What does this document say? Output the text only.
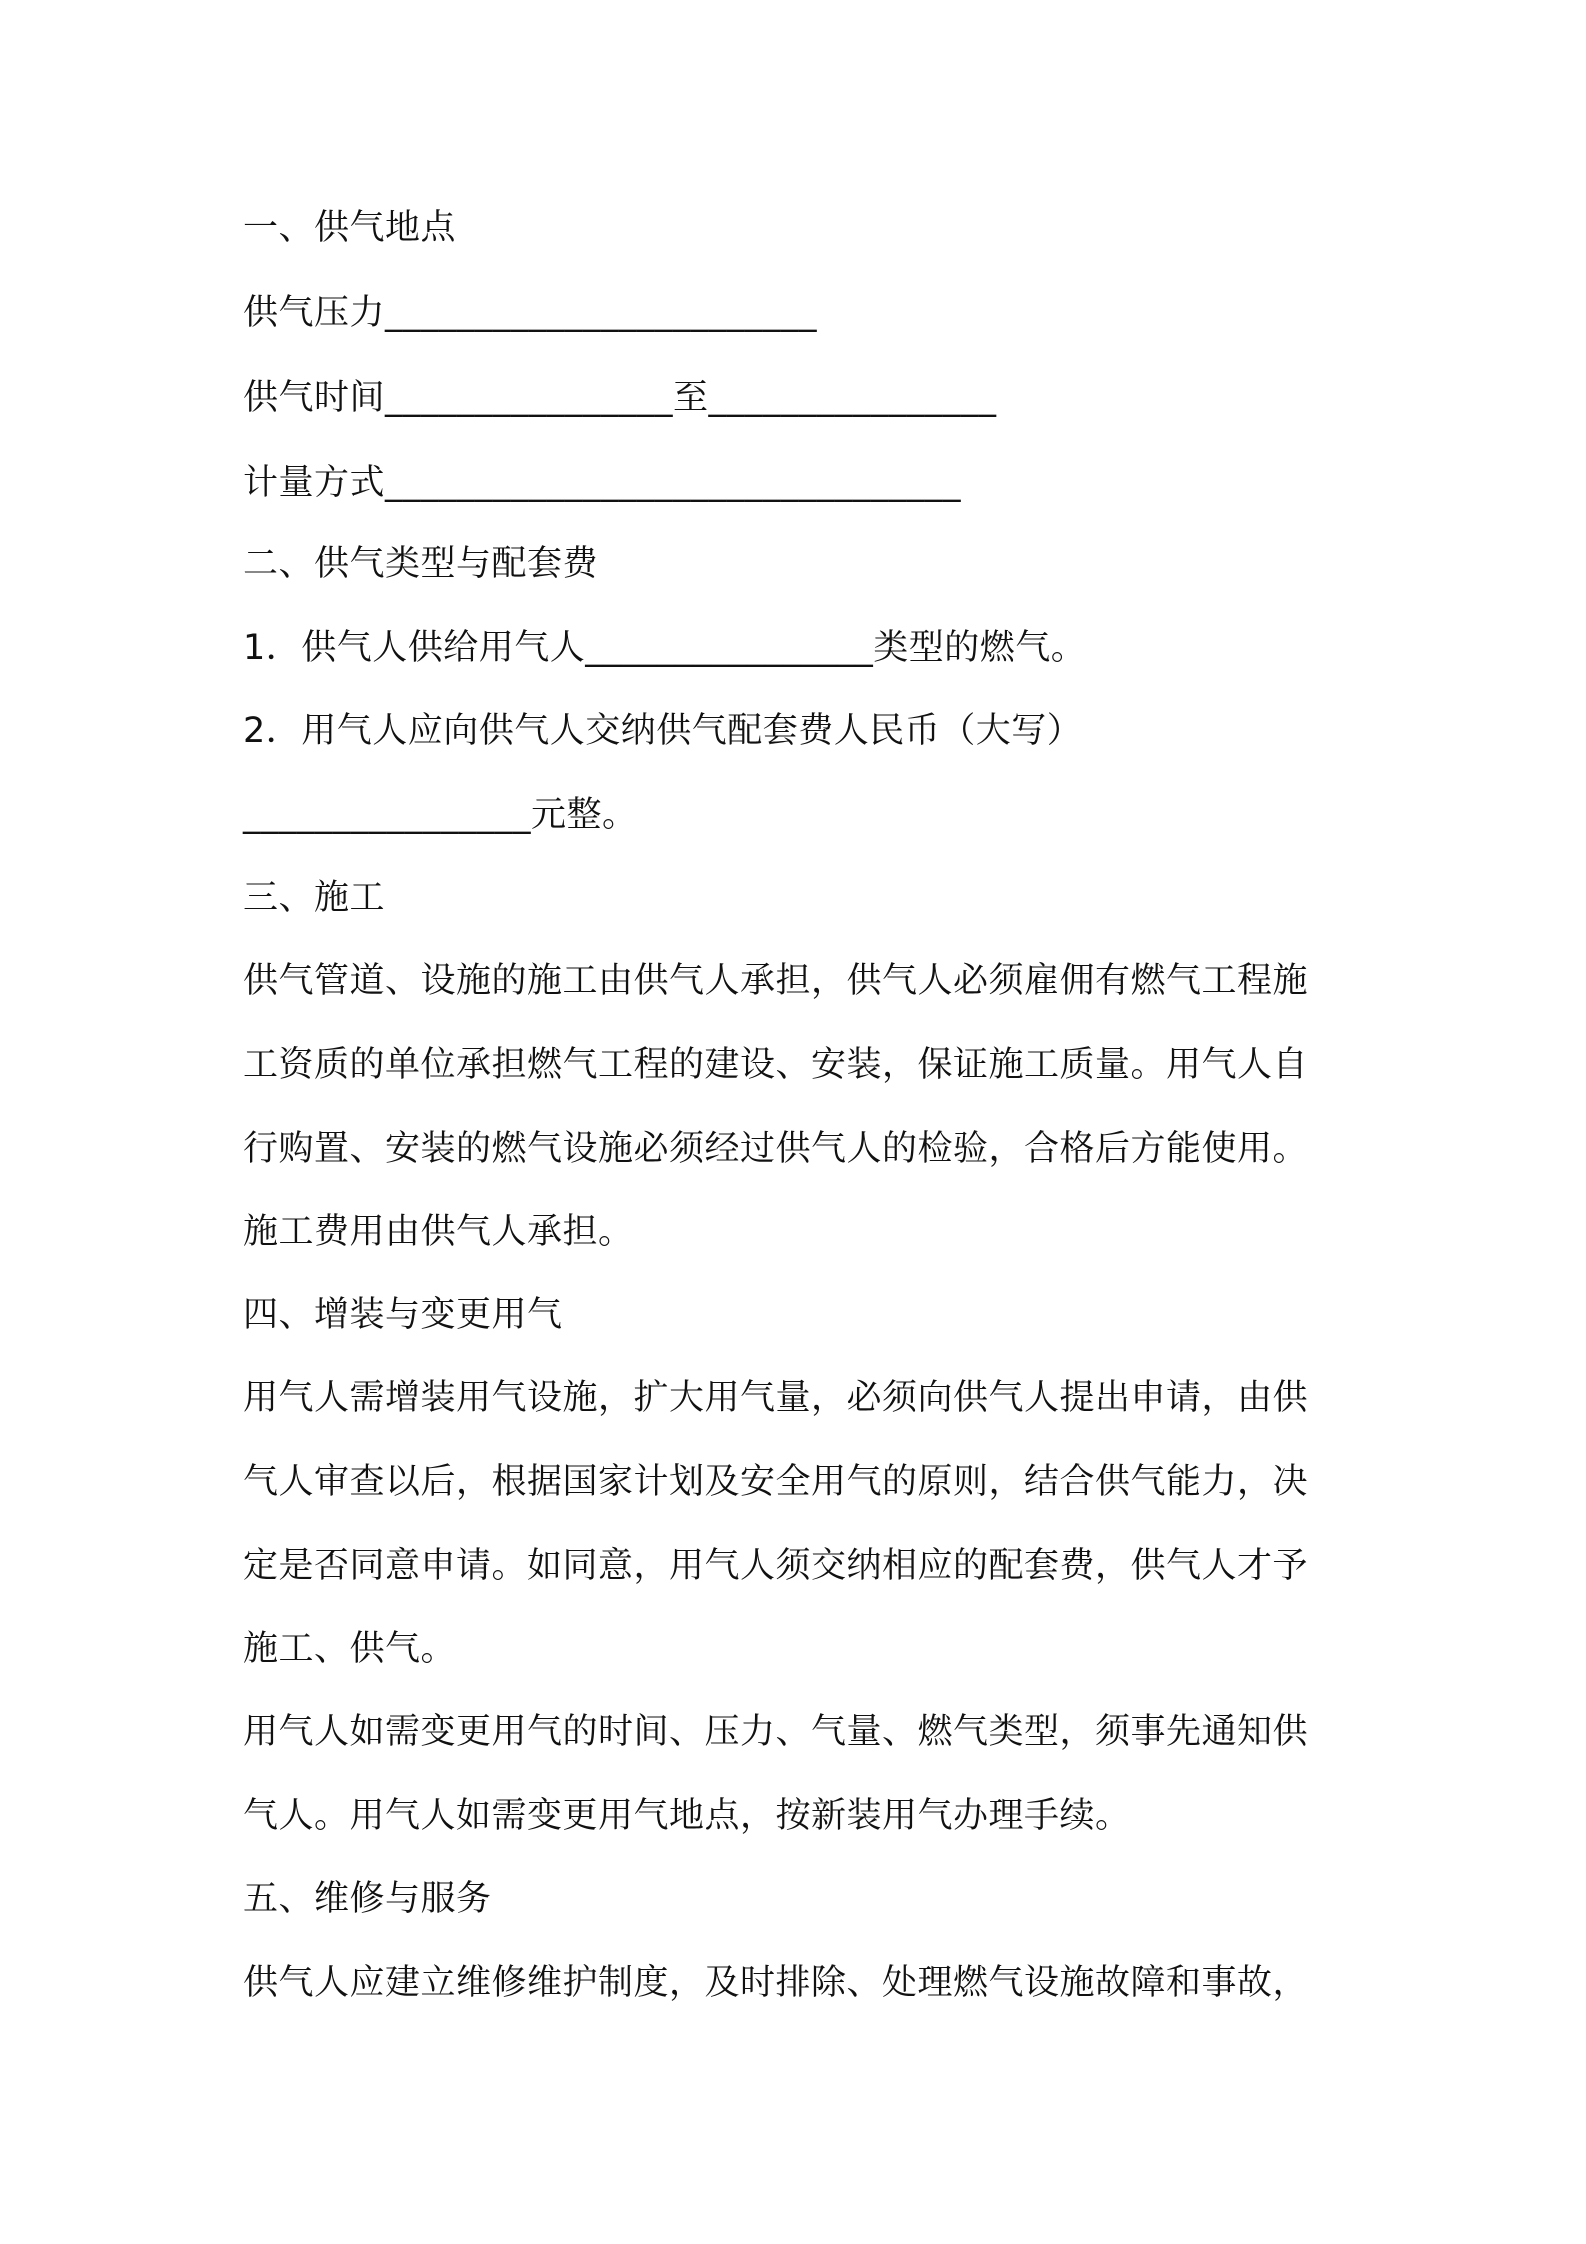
一、供气地点
供气压力________________________
供气时间________________至________________
计量方式________________________________
二、供气类型与配套费
1．供气人供给用气人________________类型的燃气。
2．用气人应向供气人交纳供气配套费人民币（大写）
________________元整。
三、施工
供气管道、设施的施工由供气人承担，供气人必须雇佣有燃气工程施
工资质的单位承担燃气工程的建设、安装，保证施工质量。用气人自
行购置、安装的燃气设施必须经过供气人的检验，合格后方能使用。
施工费用由供气人承担。
四、增装与变更用气
用气人需增装用气设施，扩大用气量，必须向供气人提出申请，由供
气人审查以后，根据国家计划及安全用气的原则，结合供气能力，决
定是否同意申请。如同意，用气人须交纳相应的配套费，供气人才予
施工、供气。
用气人如需变更用气的时间、压力、气量、燃气类型，须事先通知供
气人。用气人如需变更用气地点，按新装用气办理手续。
五、维修与服务
供气人应建立维修维护制度，及时排除、处理燃气设施故障和事故，
